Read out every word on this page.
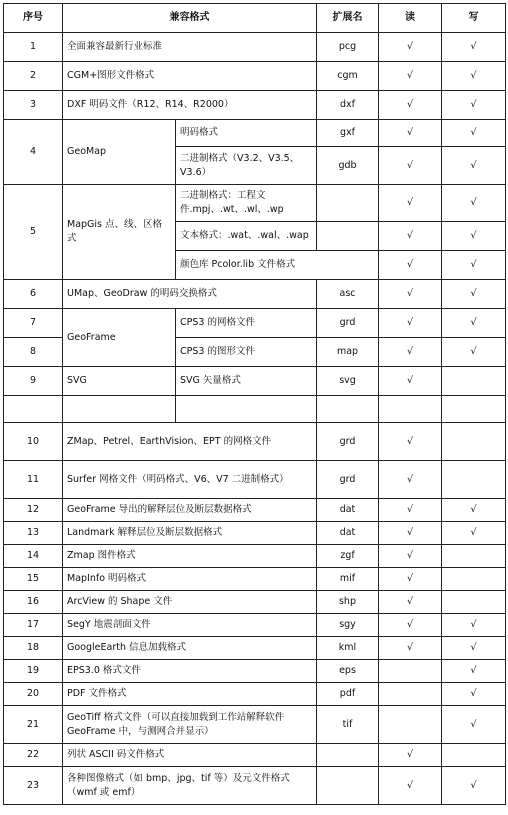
序号	兼容格式		扩展名	读	写
1	全面兼容最新行业标准		pcg	√	√
2	CGM+图形文件格式		cgm	√	√
3	DXF 明码文件（R12、R14、R2000）		dxf	√	√
4	GeoMap	明码格式	gxf	√	√
		二进制格式（V3.2、V3.5、V3.6）	gdb	√	√
5	MapGis 点、线、区格式	二进制格式：工程文件.mpj、.wt、.wl、.wp		√	√
		文本格式：.wat、.wal、.wap		√	√
		颜色库 Pcolor.lib 文件格式		√	√
6	UMap、GeoDraw 的明码交换格式		asc	√	√
7	GeoFrame	CPS3 的网格文件	grd	√	√
8		CPS3 的图形文件	map	√	√
9	SVG	SVG 矢量格式	svg	√	

10	ZMap、Petrel、EarthVision、EPT 的网格文件		grd	√	
11	Surfer 网格文件（明码格式、V6、V7 二进制格式）		grd	√	
12	GeoFrame 导出的解释层位及断层数据格式		dat	√	√
13	Landmark 解释层位及断层数据格式		dat	√	√
14	Zmap 图件格式		zgf	√	
15	MapInfo 明码格式		mif	√	
16	ArcView 的 Shape 文件		shp	√	
17	SegY 地震剖面文件		sgy	√	√
18	GoogleEarth 信息加载格式		kml	√	√
19	EPS3.0 格式文件		eps		√
20	PDF 文件格式		pdf		√
21	GeoTiff 格式文件（可以直接加载到工作站解释软件 GeoFrame 中，与测网合并显示）		tif		√
22	列状 ASCII 码文件格式			√	
23	各种图像格式（如 bmp、jpg、tif 等）及元文件格式（wmf 或 emf）			√	√
